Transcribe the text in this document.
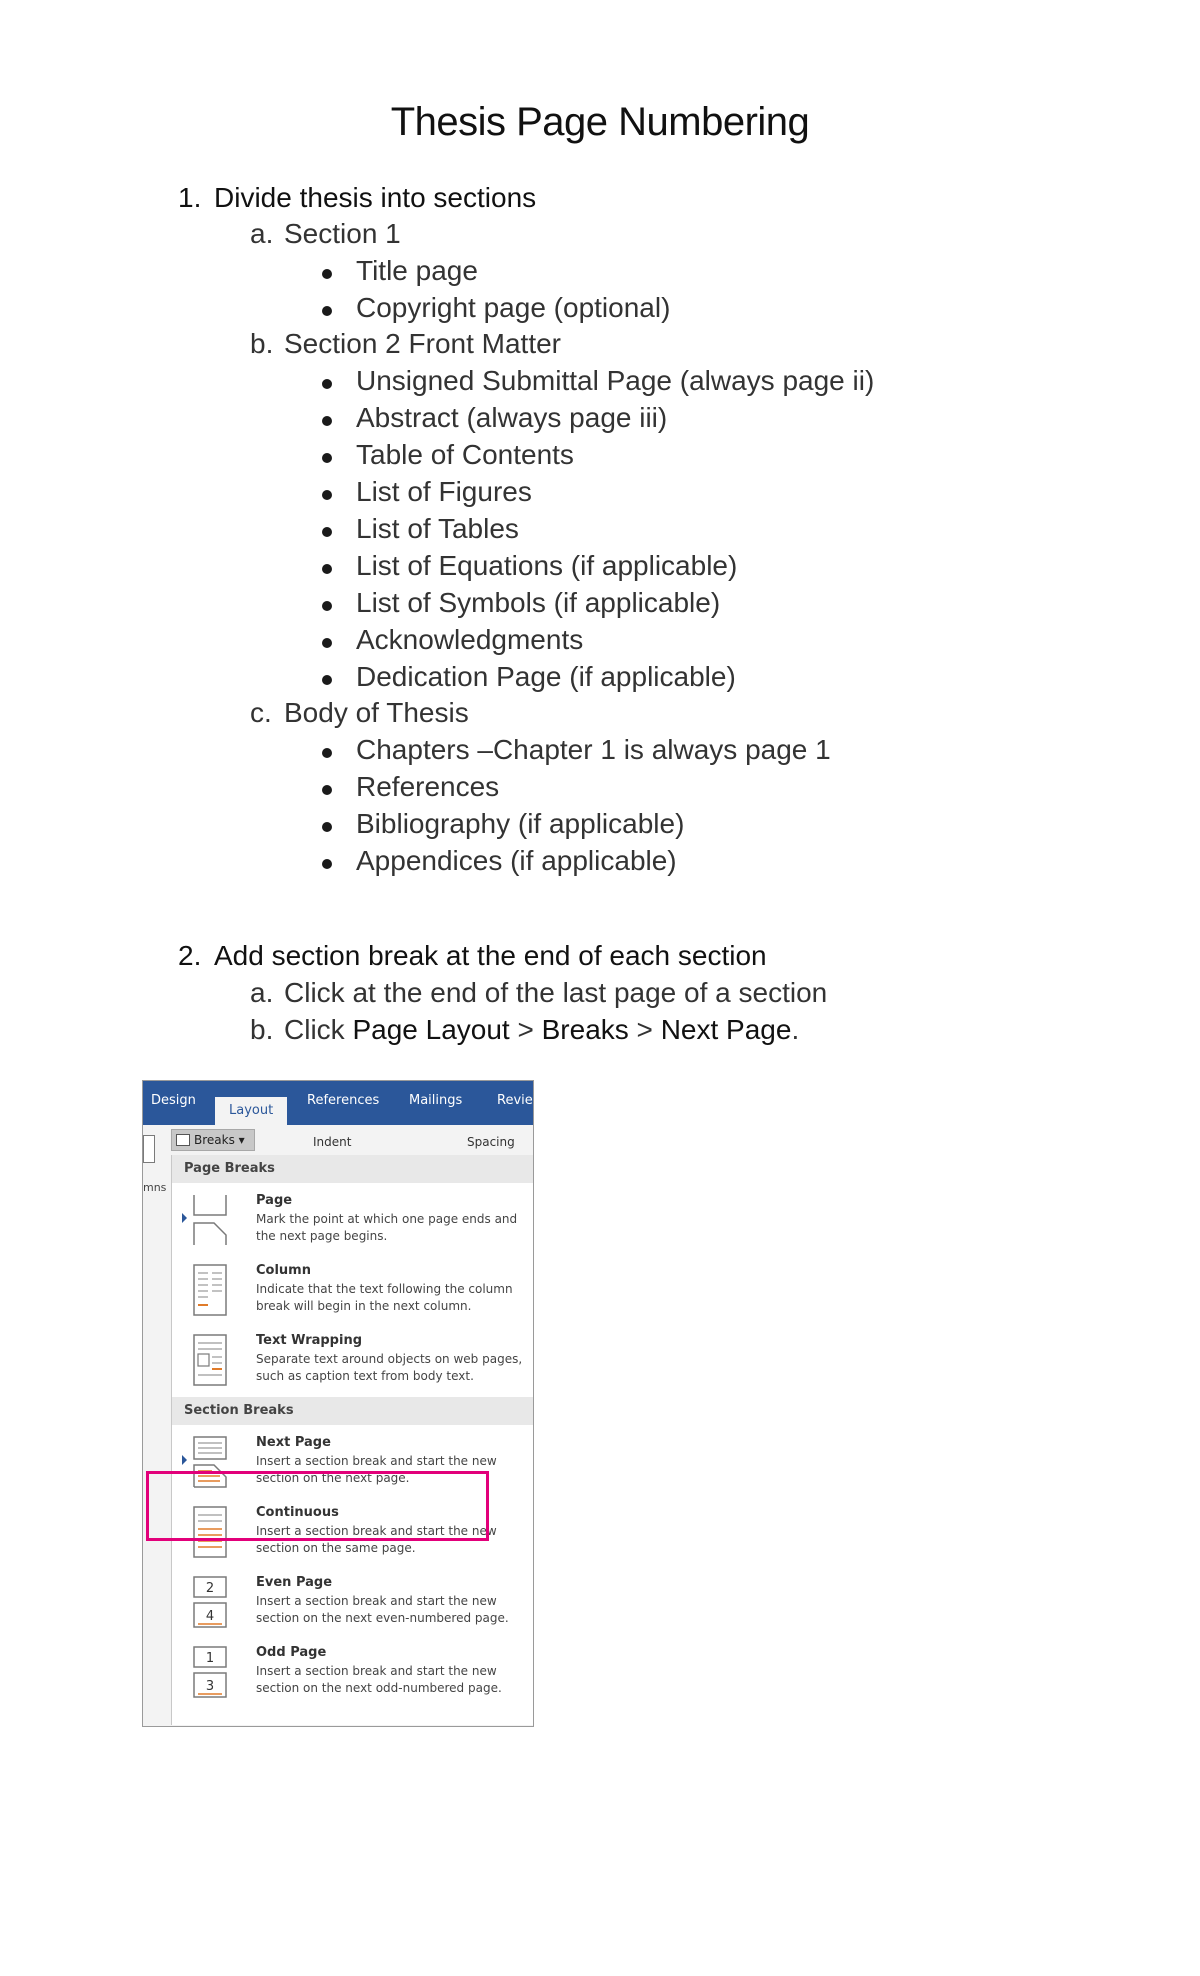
Thesis Page Numbering
1. Divide thesis into sections
a. Section 1
Title page
Copyright page (optional)
b. Section 2 Front Matter
Unsigned Submittal Page (always page ii)
Abstract (always page iii)
Table of Contents
List of Figures
List of Tables
List of Equations (if applicable)
List of Symbols (if applicable)
Acknowledgments
Dedication Page (if applicable)
c. Body of Thesis
Chapters –Chapter 1 is always page 1
References
Bibliography (if applicable)
Appendices (if applicable)
2. Add section break at the end of each section
a. Click at the end of the last page of a section
b. Click Page Layout > Breaks > Next Page.
Design
Layout
References Mailings	Revie
Breaks ▾	Indent	Spacing
mns
Page Breaks
Page
Mark the point at which one page ends and the next page begins.
Column
Indicate that the text following the column break will begin in the next column.
Text Wrapping
Separate text around objects on web pages, such as caption text from body text.
Section Breaks
Next Page
Insert a section break and start the new section on the next page.
Continuous
Insert a section break and start the new section on the same page.
2
4
Even Page
Insert a section break and start the new section on the next even-numbered page.
1
3
Odd Page
Insert a section break and start the new section on the next odd-numbered page.
